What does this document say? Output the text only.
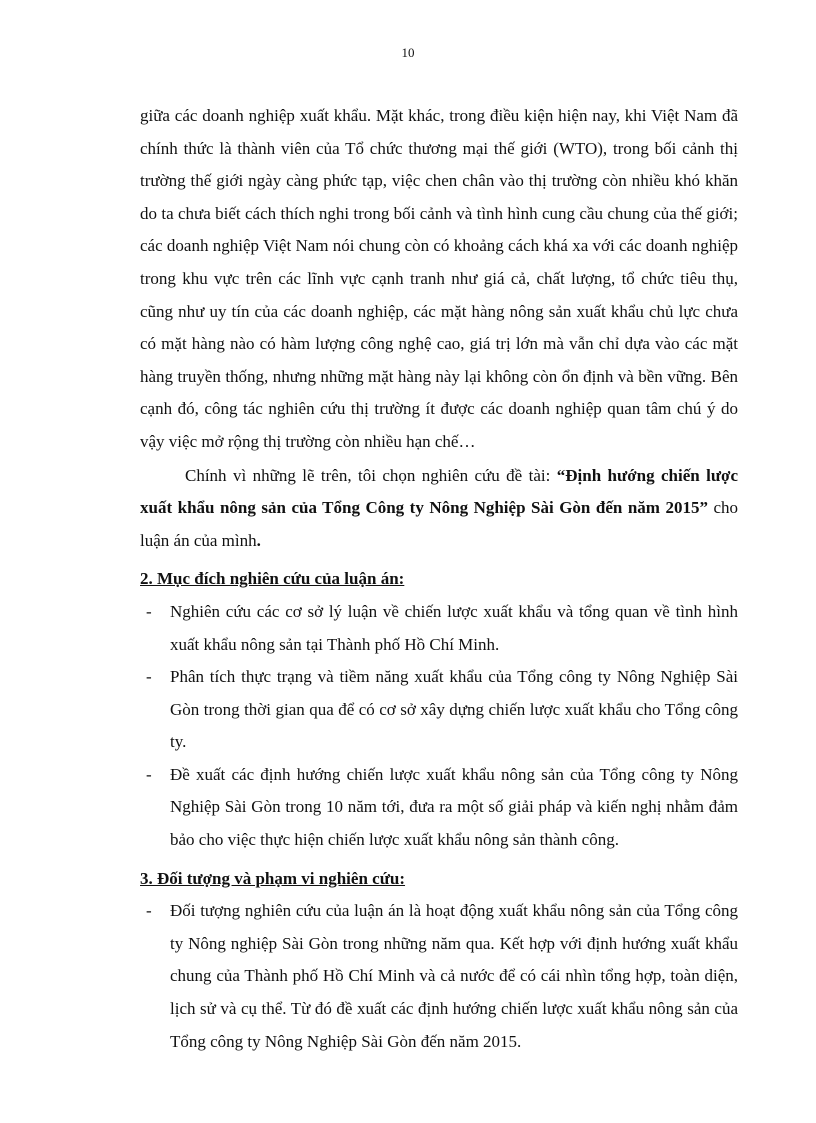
10

giữa các doanh nghiệp xuất khẩu. Mặt khác, trong điều kiện hiện nay, khi Việt Nam đã chính thức là thành viên của Tổ chức thương mại thế giới (WTO), trong bối cảnh thị trường thế giới ngày càng phức tạp, việc chen chân vào thị trường còn nhiều khó khăn do ta chưa biết cách thích nghi trong bối cảnh và tình hình cung cầu chung của thế giới; các doanh nghiệp Việt Nam nói chung còn có khoảng cách khá xa với các doanh nghiệp trong khu vực trên các lĩnh vực cạnh tranh như giá cả, chất lượng, tổ chức tiêu thụ, cũng như uy tín của các doanh nghiệp, các mặt hàng nông sản xuất khẩu chủ lực chưa có mặt hàng nào có hàm lượng công nghệ cao, giá trị lớn mà vẫn chỉ dựa vào các mặt hàng truyền thống, nhưng những mặt hàng này lại không còn ổn định và bền vững. Bên cạnh đó, công tác nghiên cứu thị trường ít được các doanh nghiệp quan tâm chú ý do vậy việc mở rộng thị trường còn nhiều hạn chế…

Chính vì những lẽ trên, tôi chọn nghiên cứu đề tài: “Định hướng chiến lược xuất khẩu nông sản của Tổng Công ty Nông Nghiệp Sài Gòn đến năm 2015” cho luận án của mình.

2. Mục đích nghiên cứu của luận án:

- Nghiên cứu các cơ sở lý luận về chiến lược xuất khẩu và tổng quan về tình hình xuất khẩu nông sản tại Thành phố Hồ Chí Minh.
- Phân tích thực trạng và tiềm năng xuất khẩu của Tổng công ty Nông Nghiệp Sài Gòn trong thời gian qua để có cơ sở xây dựng chiến lược xuất khẩu cho Tổng công ty.
- Đề xuất các định hướng chiến lược xuất khẩu nông sản của Tổng công ty Nông Nghiệp Sài Gòn trong 10 năm tới, đưa ra một số giải pháp và kiến nghị nhằm đảm bảo cho việc thực hiện chiến lược xuất khẩu nông sản thành công.

3. Đối tượng và phạm vi nghiên cứu:

- Đối tượng nghiên cứu của luận án là hoạt động xuất khẩu nông sản của Tổng công ty Nông nghiệp Sài Gòn trong những năm qua. Kết hợp với định hướng xuất khẩu chung của Thành phố Hồ Chí Minh và cả nước để có cái nhìn tổng hợp, toàn diện, lịch sử và cụ thể. Từ đó đề xuất các định hướng chiến lược xuất khẩu nông sản của Tổng công ty Nông Nghiệp Sài Gòn đến năm 2015.
